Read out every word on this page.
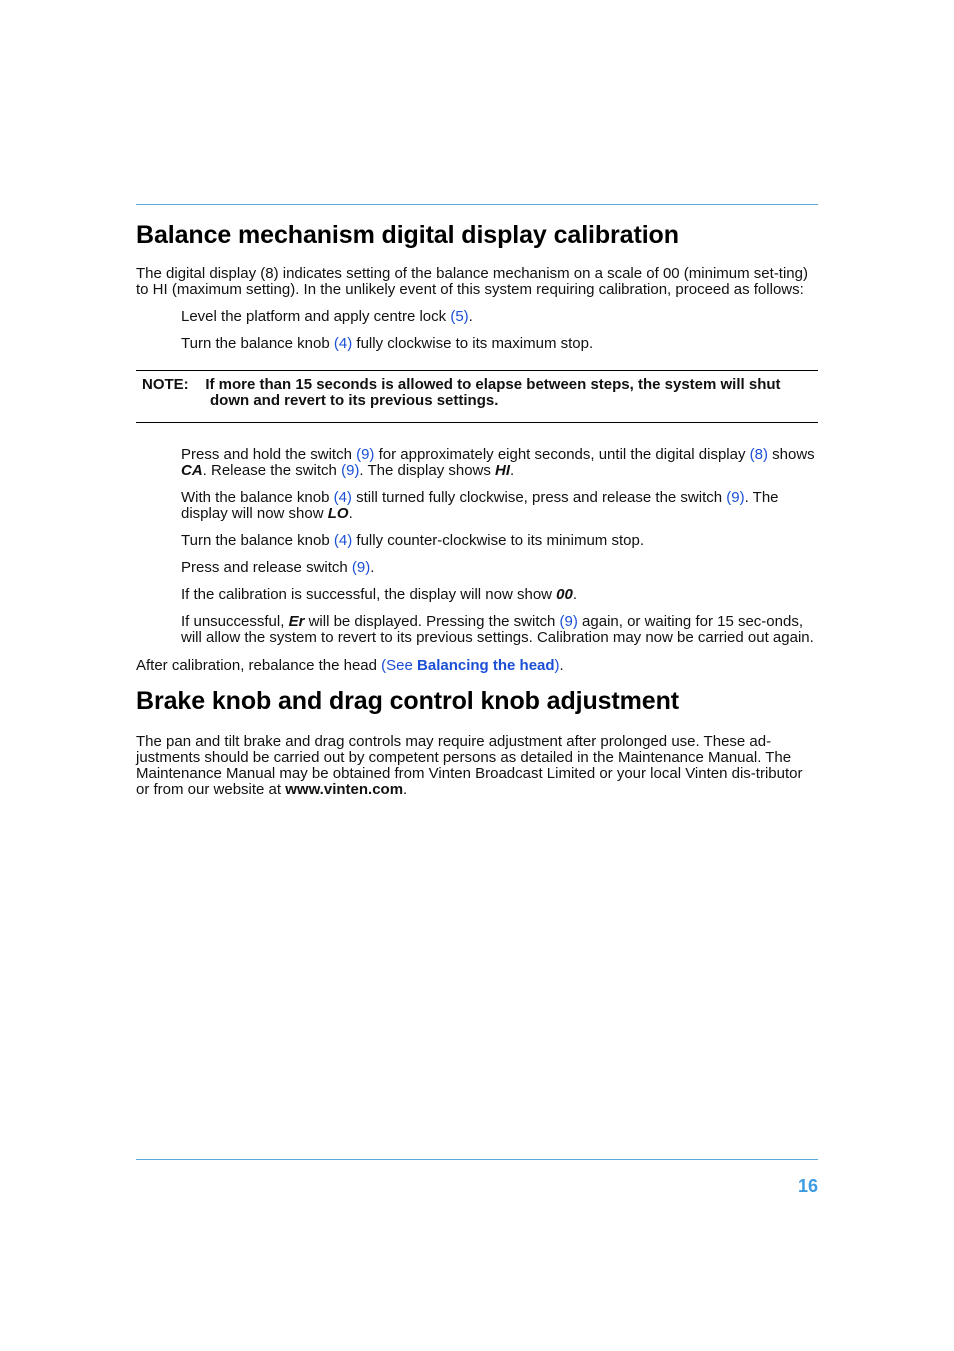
Balance mechanism digital display calibration

The digital display (8) indicates setting of the balance mechanism on a scale of 00 (minimum set-ting) to HI (maximum setting). In the unlikely event of this system requiring calibration, proceed as follows:

Level the platform and apply centre lock (5).

Turn the balance knob (4) fully clockwise to its maximum stop.

NOTE: If more than 15 seconds is allowed to elapse between steps, the system will shut down and revert to its previous settings.

Press and hold the switch (9) for approximately eight seconds, until the digital display (8) shows CA. Release the switch (9). The display shows HI.

With the balance knob (4) still turned fully clockwise, press and release the switch (9). The display will now show LO.

Turn the balance knob (4) fully counter-clockwise to its minimum stop.

Press and release switch (9).

If the calibration is successful, the display will now show 00.

If unsuccessful, Er will be displayed. Pressing the switch (9) again, or waiting for 15 sec-onds, will allow the system to revert to its previous settings. Calibration may now be carried out again.

After calibration, rebalance the head (See Balancing the head).

Brake knob and drag control knob adjustment

The pan and tilt brake and drag controls may require adjustment after prolonged use. These ad-justments should be carried out by competent persons as detailed in the Maintenance Manual. The Maintenance Manual may be obtained from Vinten Broadcast Limited or your local Vinten dis-tributor or from our website at www.vinten.com.

16
